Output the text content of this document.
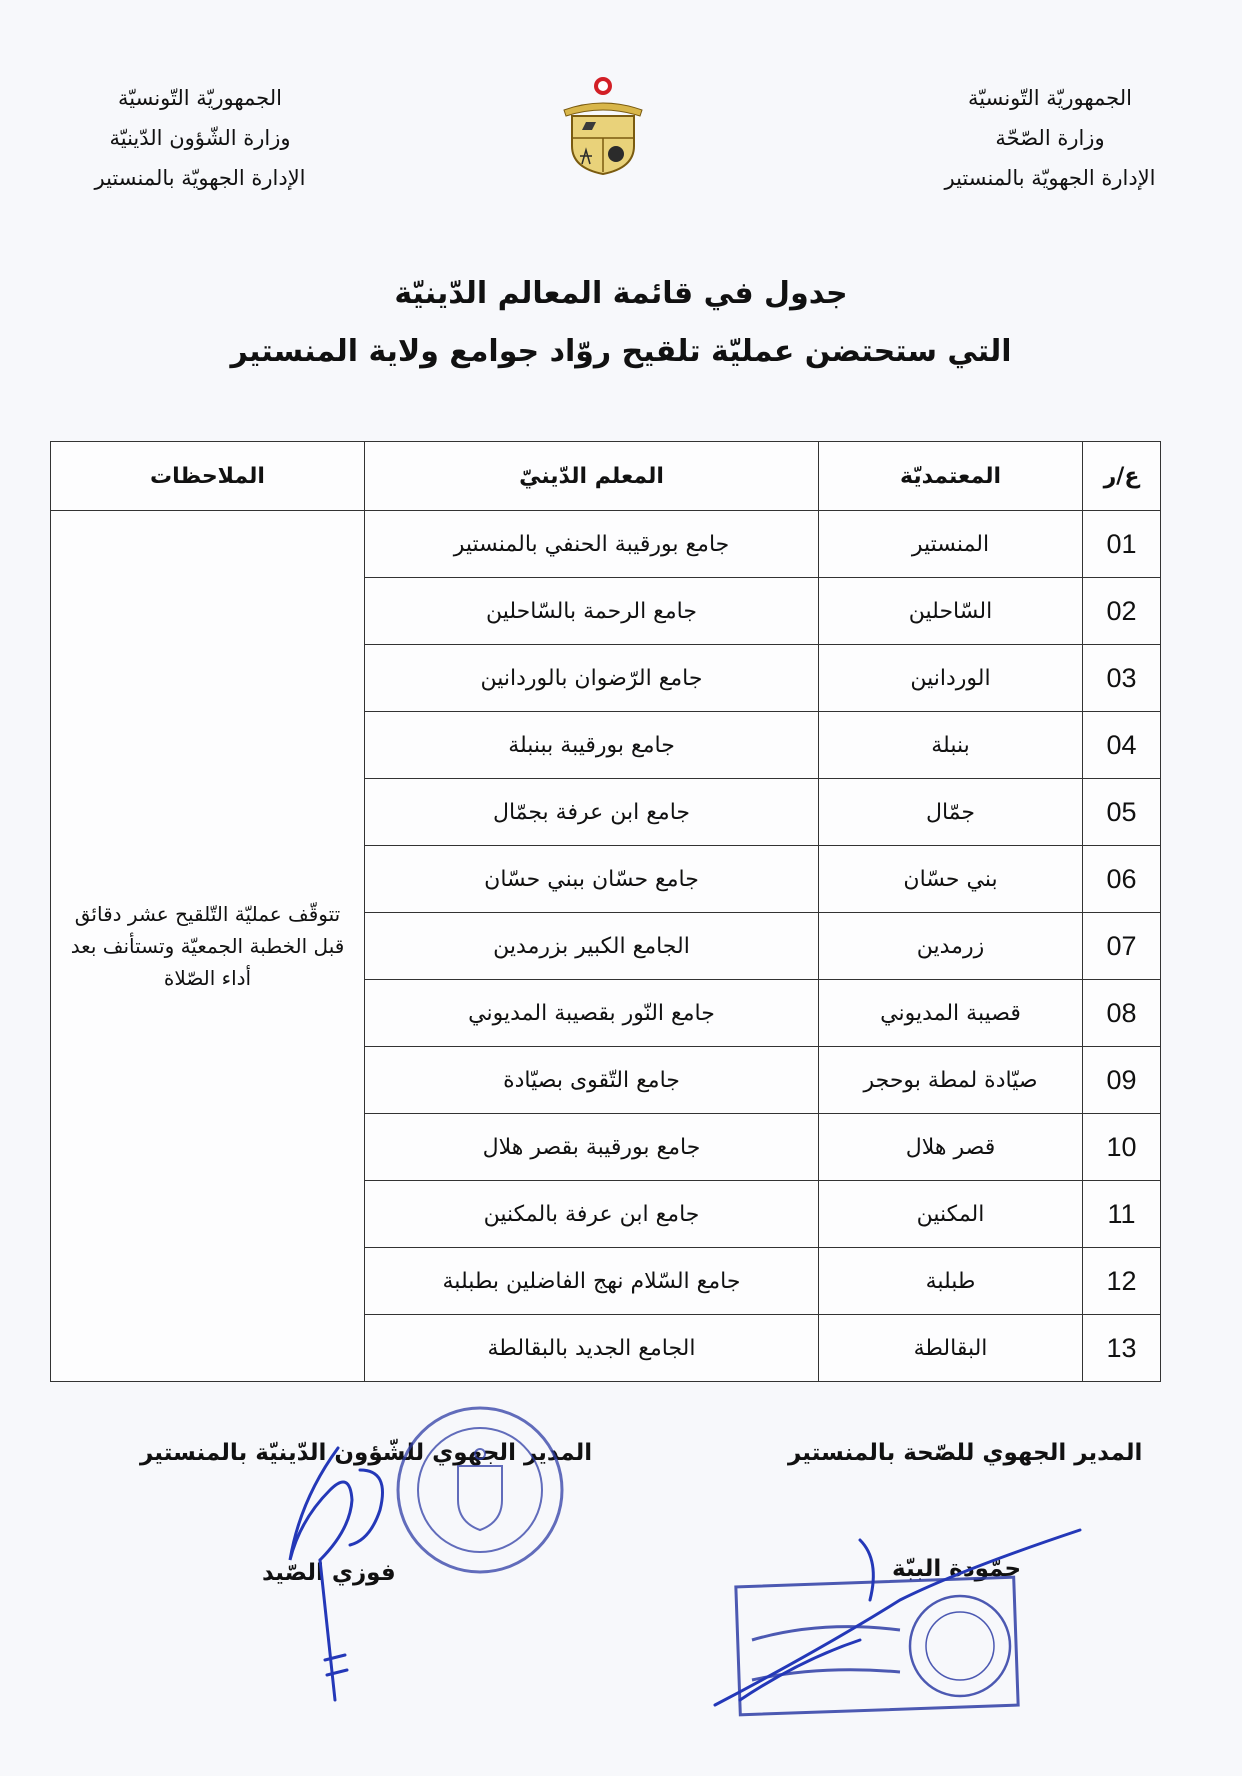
الجمهوريّة التّونسيّة
وزارة الصّحّة
الإدارة الجهويّة بالمنستير
الجمهوريّة التّونسيّة
وزارة الشّؤون الدّينيّة
الإدارة الجهويّة بالمنستير
جدول في قائمة المعالم الدّينيّة
التي ستحتضن عمليّة تلقيح روّاد جوامع ولاية المنستير
ع/ر	المعتمديّة	المعلم الدّينيّ	الملاحظات
01	المنستير	جامع بورقيبة الحنفي بالمنستير	تتوقّف عمليّة التّلقيح عشر دقائق قبل الخطبة الجمعيّة وتستأنف بعد أداء الصّلاة
02	السّاحلين	جامع الرحمة بالسّاحلين	
03	الوردانين	جامع الرّضوان بالوردانين	
04	بنبلة	جامع بورقيبة ببنبلة	
05	جمّال	جامع ابن عرفة بجمّال	
06	بني حسّان	جامع حسّان ببني حسّان	
07	زرمدين	الجامع الكبير بزرمدين	
08	قصيبة المديوني	جامع النّور بقصيبة المديوني	
09	صيّادة لمطة بوحجر	جامع التّقوى بصيّادة	
10	قصر هلال	جامع بورقيبة بقصر هلال	
11	المكنين	جامع ابن عرفة بالمكنين	
12	طبلبة	جامع السّلام نهج الفاضلين بطبلبة	
13	البقالطة	الجامع الجديد بالبقالطة	
المدير الجهوي للصّحة بالمنستير
المدير الجهوي للشّؤون الدّينيّة بالمنستير
حمّودة الببّة
فوزي الصّيد
